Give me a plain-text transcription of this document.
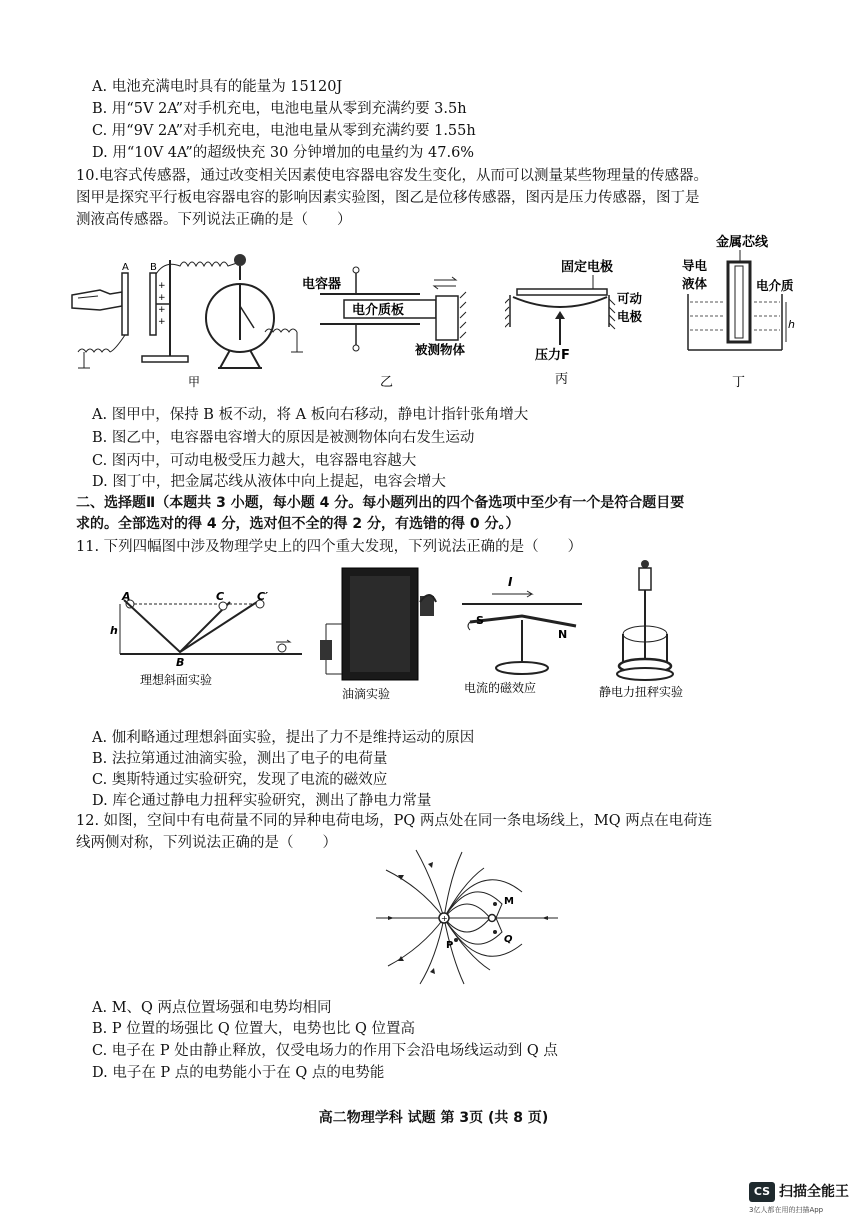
A. 电池充满电时具有的能量为 15120J
B. 用“5V 2A”对手机充电，电池电量从零到充满约要 3.5h
C. 用“9V 2A”对手机充电，电池电量从零到充满约要 1.55h
D. 用“10V 4A”的超级快充 30 分钟增加的电量约为 47.6%
10.电容式传感器，通过改变相关因素使电容器电容发生变化，从而可以测量某些物理量的传感器。
图甲是探究平行板电容器电容的影响因素实验图，图乙是位移传感器，图丙是压力传感器，图丁是
测液高传感器。下列说法正确的是（　　）
A B
+
+
+
+
甲
电容器
电介质板
被测物体
乙
固定电极
可动
电极
压力F
丙
金属芯线
导电
液体	电介质
h
丁
A. 图甲中，保持 B 板不动，将 A 板向右移动，静电计指针张角增大
B. 图乙中，电容器电容增大的原因是被测物体向右发生运动
C. 图丙中，可动电极受压力越大，电容器电容越大
D. 图丁中，把金属芯线从液体中向上提起，电容会增大
二、选择题Ⅱ（本题共 3 小题，每小题 4 分。每小题列出的四个备选项中至少有一个是符合题目要
求的。全部选对的得 4 分，选对但不全的得 2 分，有选错的得 0 分。）
11. 下列四幅图中涉及物理学史上的四个重大发现，下列说法正确的是（　　）
A
h
C	C′
B
理想斜面实验
油滴实验
I
S
N
电流的磁效应	静电力扭秤实验
A. 伽利略通过理想斜面实验，提出了力不是维持运动的原因
B. 法拉第通过油滴实验，测出了电子的电荷量
C. 奥斯特通过实验研究，发现了电流的磁效应
D. 库仑通过静电力扭秤实验研究，测出了静电力常量
12. 如图，空间中有电荷量不同的异种电荷电场，PQ 两点处在同一条电场线上，MQ 两点在电荷连
线两侧对称，下列说法正确的是（　　）
+
M
Q
P
A. M、Q 两点位置场强和电势均相同
B. P 位置的场强比 Q 位置大，电势也比 Q 位置高
C. 电子在 P 处由静止释放，仅受电场力的作用下会沿电场线运动到 Q 点
D. 电子在 P 点的电势能小于在 Q 点的电势能
高二物理学科 试题 第 3页 (共 8 页)
CS 扫描全能王
3亿人都在用的扫描App
